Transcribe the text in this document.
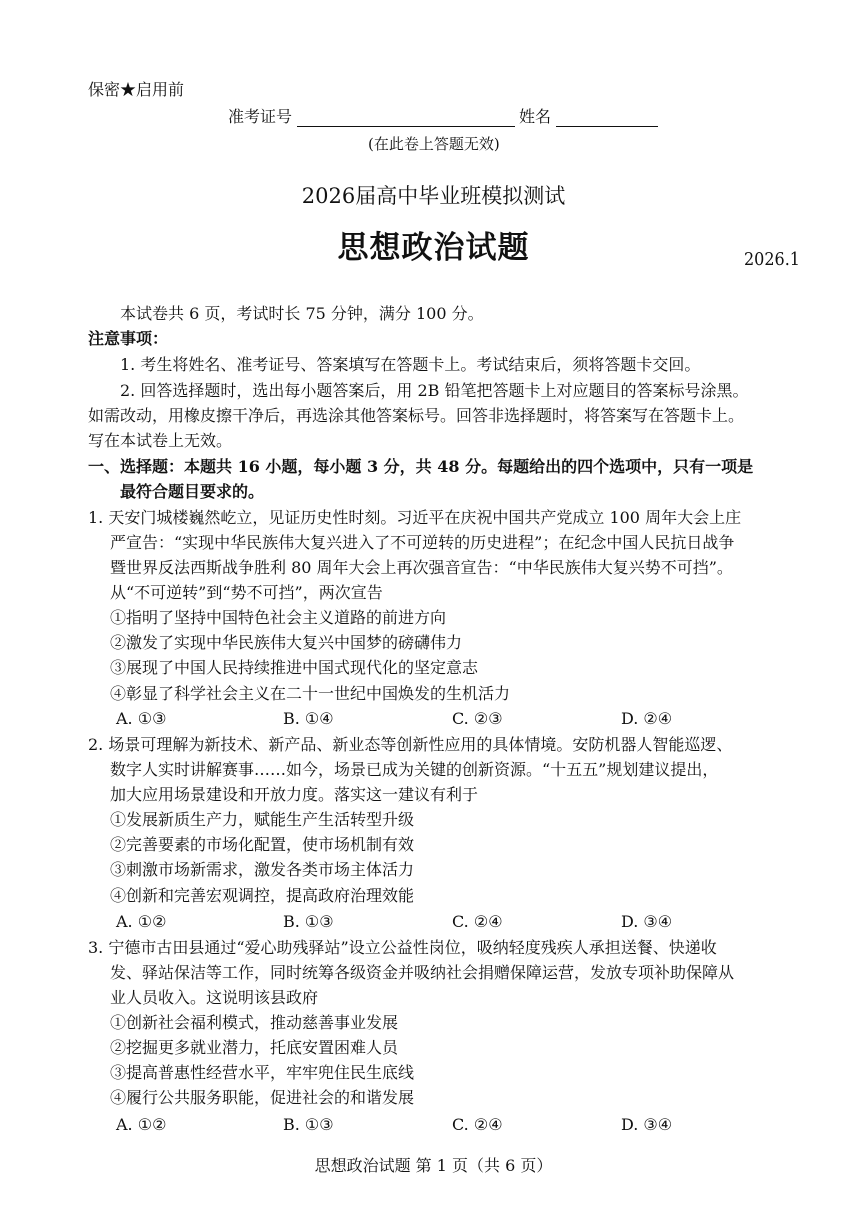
保密★启用前
准考证号	姓名
(在此卷上答题无效)
2026届高中毕业班模拟测试
思想政治试题	2026.1
本试卷共 6 页，考试时长 75 分钟，满分 100 分。
注意事项：
1. 考生将姓名、准考证号、答案填写在答题卡上。考试结束后，须将答题卡交回。
2. 回答选择题时，选出每小题答案后，用 2B 铅笔把答题卡上对应题目的答案标号涂黑。
如需改动，用橡皮擦干净后，再选涂其他答案标号。回答非选择题时，将答案写在答题卡上。
写在本试卷上无效。
一、选择题：本题共 16 小题，每小题 3 分，共 48 分。每题给出的四个选项中，只有一项是
最符合题目要求的。
1. 天安门城楼巍然屹立，见证历史性时刻。习近平在庆祝中国共产党成立 100 周年大会上庄
严宣告：“实现中华民族伟大复兴进入了不可逆转的历史进程”；在纪念中国人民抗日战争
暨世界反法西斯战争胜利 80 周年大会上再次强音宣告：“中华民族伟大复兴势不可挡”。
从“不可逆转”到“势不可挡”，两次宣告
①指明了坚持中国特色社会主义道路的前进方向
②激发了实现中华民族伟大复兴中国梦的磅礴伟力
③展现了中国人民持续推进中国式现代化的坚定意志
④彰显了科学社会主义在二十一世纪中国焕发的生机活力
A. ①③	B. ①④	C. ②③	D. ②④
2. 场景可理解为新技术、新产品、新业态等创新性应用的具体情境。安防机器人智能巡逻、
数字人实时讲解赛事……如今，场景已成为关键的创新资源。“十五五”规划建议提出，
加大应用场景建设和开放力度。落实这一建议有利于
①发展新质生产力，赋能生产生活转型升级
②完善要素的市场化配置，使市场机制有效
③刺激市场新需求，激发各类市场主体活力
④创新和完善宏观调控，提高政府治理效能
A. ①②	B. ①③	C. ②④	D. ③④
3. 宁德市古田县通过“爱心助残驿站”设立公益性岗位，吸纳轻度残疾人承担送餐、快递收
发、驿站保洁等工作，同时统筹各级资金并吸纳社会捐赠保障运营，发放专项补助保障从
业人员收入。这说明该县政府
①创新社会福利模式，推动慈善事业发展
②挖掘更多就业潜力，托底安置困难人员
③提高普惠性经营水平，牢牢兜住民生底线
④履行公共服务职能，促进社会的和谐发展
A. ①②	B. ①③	C. ②④	D. ③④
思想政治试题 第 1 页（共 6 页）
